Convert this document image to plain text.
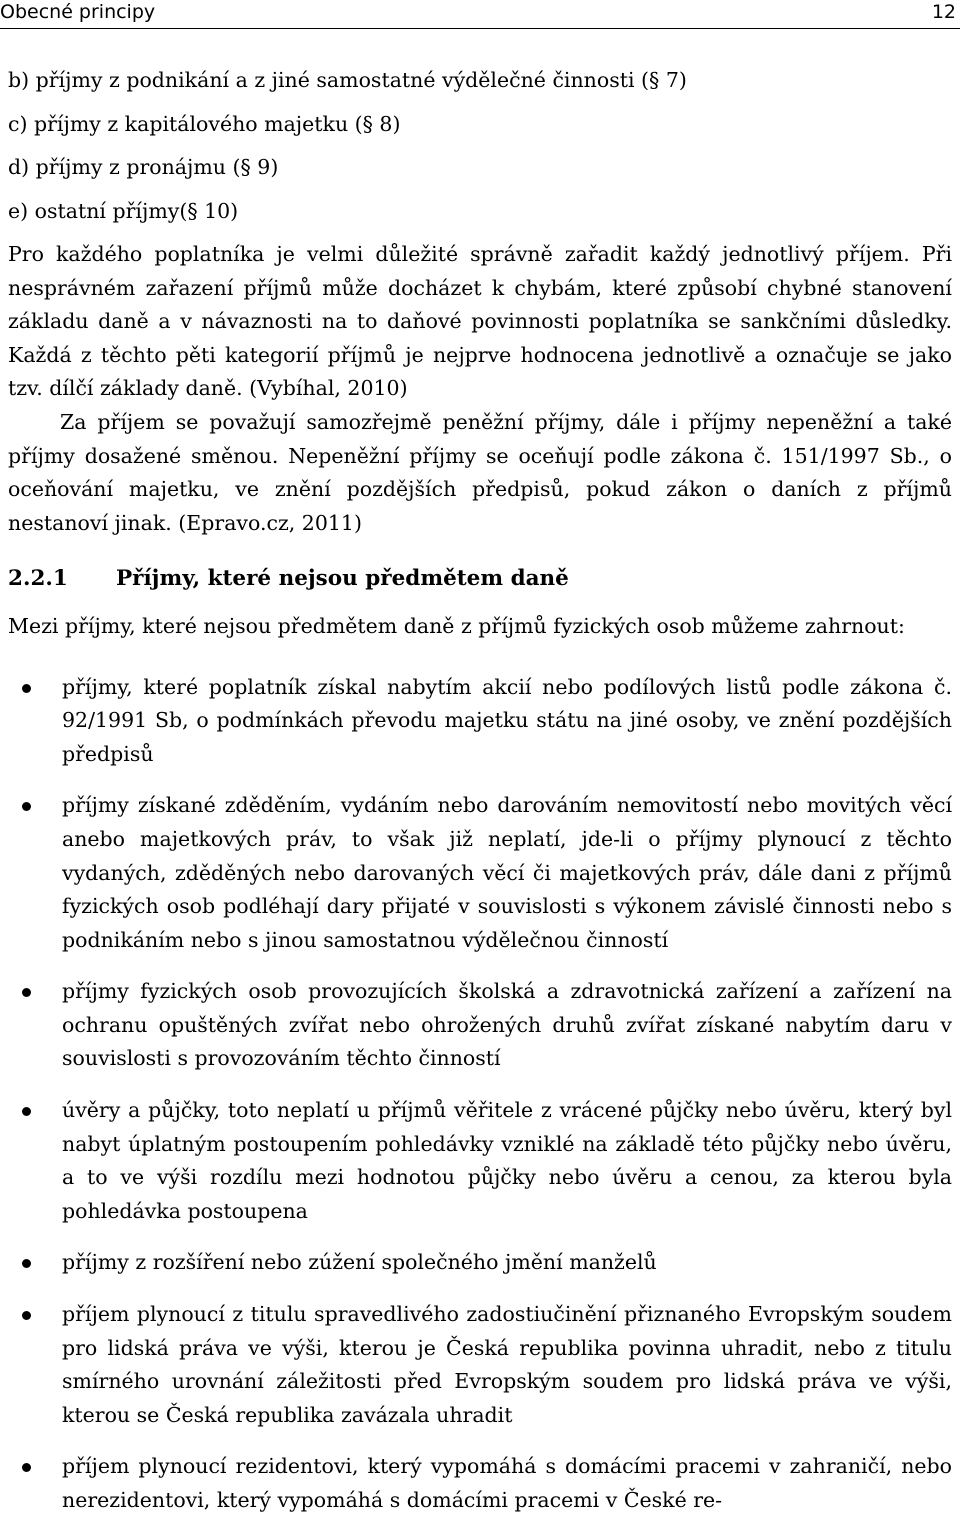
Obecné principy	12

b) příjmy z podnikání a z jiné samostatné výdělečné činnosti (§ 7)

c) příjmy z kapitálového majetku (§ 8)

d) příjmy z pronájmu (§ 9)

e) ostatní příjmy(§ 10)

Pro každého poplatníka je velmi důležité správně zařadit každý jednotlivý příjem. Při nesprávném zařazení příjmů může docházet k chybám, které způsobí chybné stanovení základu daně a v návaznosti na to daňové povinnosti poplatníka se sankčními důsledky. Každá z těchto pěti kategorií příjmů je nejprve hodnocena jednotlivě a označuje se jako tzv. dílčí základy daně. (Vybíhal, 2010)

Za příjem se považují samozřejmě peněžní příjmy, dále i příjmy nepeněžní a také příjmy dosažené směnou. Nepeněžní příjmy se oceňují podle zákona č. 151/1997 Sb., o oceňování majetku, ve znění pozdějších předpisů, pokud zákon o daních z příjmů nestanoví jinak. (Epravo.cz, 2011)

2.2.1 Příjmy, které nejsou předmětem daně

Mezi příjmy, které nejsou předmětem daně z příjmů fyzických osob můžeme zahrnout:

příjmy, které poplatník získal nabytím akcií nebo podílových listů podle zákona č. 92/1991 Sb, o podmínkách převodu majetku státu na jiné osoby, ve znění pozdějších předpisů
příjmy získané zděděním, vydáním nebo darováním nemovitostí nebo movitých věcí anebo majetkových práv, to však již neplatí, jde-li o příjmy plynoucí z těchto vydaných, zděděných nebo darovaných věcí či majetkových práv, dále dani z příjmů fyzických osob podléhají dary přijaté v souvislosti s výkonem závislé činnosti nebo s podnikáním nebo s jinou samostatnou výdělečnou činností
příjmy fyzických osob provozujících školská a zdravotnická zařízení a zařízení na ochranu opuštěných zvířat nebo ohrožených druhů zvířat získané nabytím daru v souvislosti s provozováním těchto činností
úvěry a půjčky, toto neplatí u příjmů věřitele z vrácené půjčky nebo úvěru, který byl nabyt úplatným postoupením pohledávky vzniklé na základě této půjčky nebo úvěru, a to ve výši rozdílu mezi hodnotou půjčky nebo úvěru a cenou, za kterou byla pohledávka postoupena
příjmy z rozšíření nebo zúžení společného jmění manželů
příjem plynoucí z titulu spravedlivého zadostiučinění přiznaného Evropským soudem pro lidská práva ve výši, kterou je Česká republika povinna uhradit, nebo z titulu smírného urovnání záležitosti před Evropským soudem pro lidská práva ve výši, kterou se Česká republika zavázala uhradit
příjem plynoucí rezidentovi, který vypomáhá s domácími pracemi v zahraničí, nebo nerezidentovi, který vypomáhá s domácími pracemi v České re-
